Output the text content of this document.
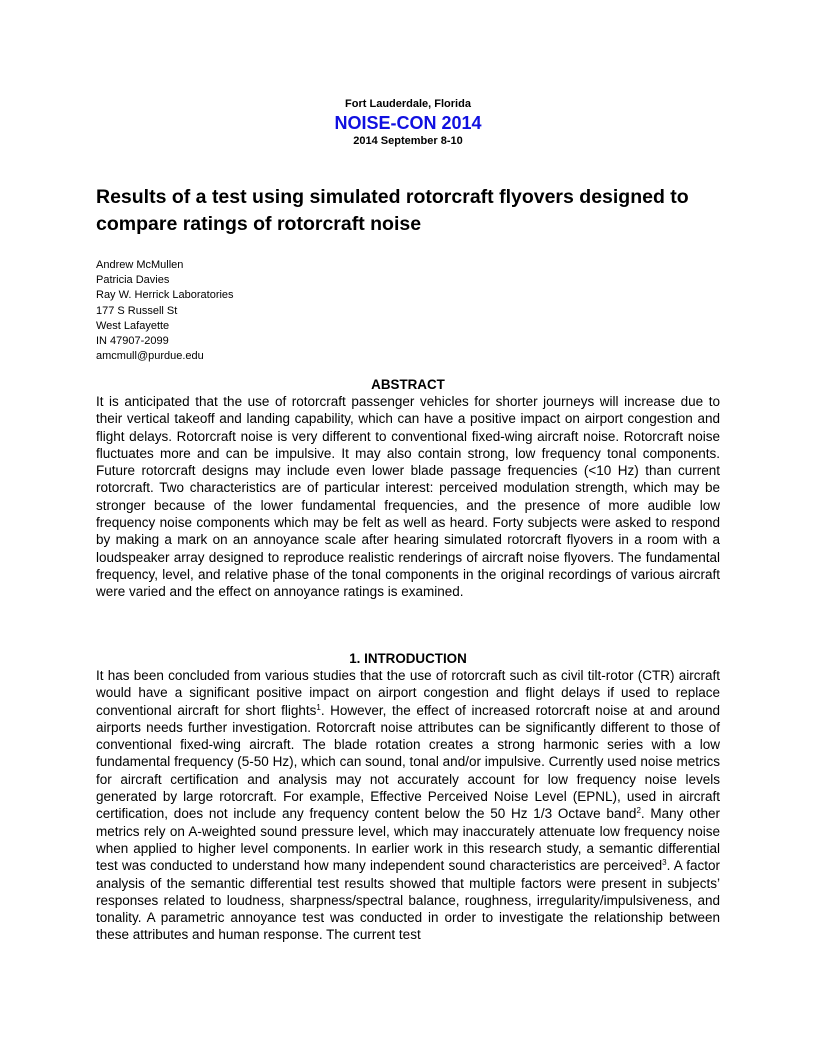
Fort Lauderdale, Florida
NOISE-CON 2014
2014 September 8-10
Results of a test using simulated rotorcraft flyovers designed to compare ratings of rotorcraft noise
Andrew McMullen
Patricia Davies
Ray W. Herrick Laboratories
177 S Russell St
West Lafayette
IN 47907-2099
amcmull@purdue.edu
ABSTRACT

It is anticipated that the use of rotorcraft passenger vehicles for shorter journeys will increase due to their vertical takeoff and landing capability, which can have a positive impact on airport congestion and flight delays. Rotorcraft noise is very different to conventional fixed-wing aircraft noise. Rotorcraft noise fluctuates more and can be impulsive. It may also contain strong, low frequency tonal components. Future rotorcraft designs may include even lower blade passage frequencies (<10 Hz) than current rotorcraft. Two characteristics are of particular interest: perceived modulation strength, which may be stronger because of the lower fundamental frequencies, and the presence of more audible low frequency noise components which may be felt as well as heard. Forty subjects were asked to respond by making a mark on an annoyance scale after hearing simulated rotorcraft flyovers in a room with a loudspeaker array designed to reproduce realistic renderings of aircraft noise flyovers. The fundamental frequency, level, and relative phase of the tonal components in the original recordings of various aircraft were varied and the effect on annoyance ratings is examined.

1. INTRODUCTION

It has been concluded from various studies that the use of rotorcraft such as civil tilt-rotor (CTR) aircraft would have a significant positive impact on airport congestion and flight delays if used to replace conventional aircraft for short flights$^1$. However, the effect of increased rotorcraft noise at and around airports needs further investigation. Rotorcraft noise attributes can be significantly different to those of conventional fixed-wing aircraft. The blade rotation creates a strong harmonic series with a low fundamental frequency (5-50 Hz), which can sound, tonal and/or impulsive. Currently used noise metrics for aircraft certification and analysis may not accurately account for low frequency noise levels generated by large rotorcraft. For example, Effective Perceived Noise Level (EPNL), used in aircraft certification, does not include any frequency content below the 50 Hz 1/3 Octave band$^2$. Many other metrics rely on A-weighted sound pressure level, which may inaccurately attenuate low frequency noise when applied to higher level components. In earlier work in this research study, a semantic differential test was conducted to understand how many independent sound characteristics are perceived$^3$. A factor analysis of the semantic differential test results showed that multiple factors were present in subjects’ responses related to loudness, sharpness/spectral balance, roughness, irregularity/impulsiveness, and tonality. A parametric annoyance test was conducted in order to investigate the relationship between these attributes and human response. The current test
